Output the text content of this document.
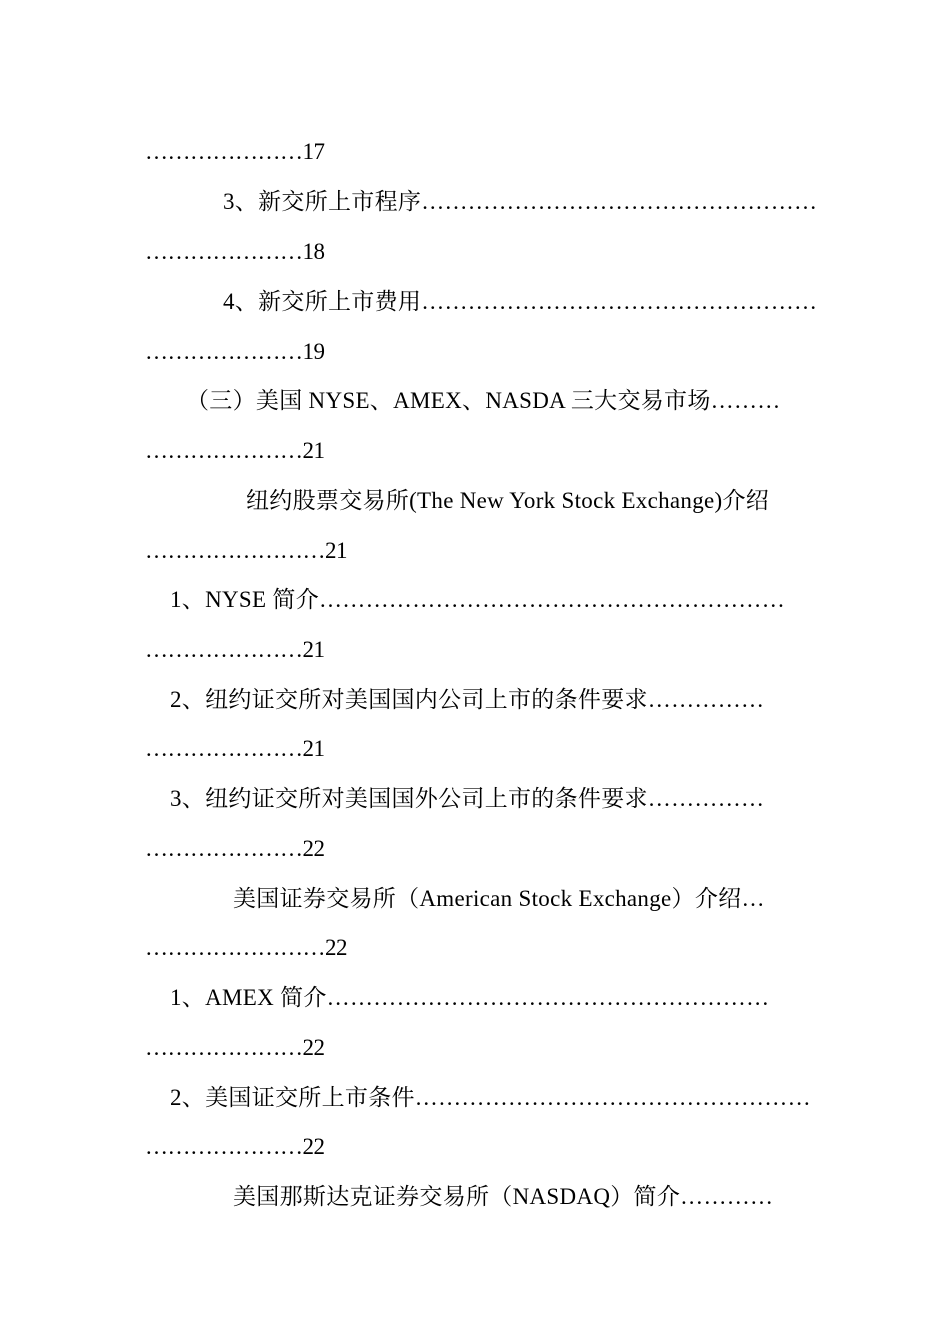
…………………17
3、新交所上市程序……………………………………………
…………………18
4、新交所上市费用……………………………………………
…………………19
（三）美国 NYSE、AMEX、NASDA 三大交易市场………
…………………21
纽约股票交易所(The New York Stock Exchange)介绍
……………………21
1、NYSE 简介……………………………………………………
…………………21
2、纽约证交所对美国国内公司上市的条件要求……………
…………………21
3、纽约证交所对美国国外公司上市的条件要求……………
…………………22
美国证券交易所（American Stock Exchange）介绍…
……………………22
1、AMEX 简介…………………………………………………
…………………22
2、美国证交所上市条件……………………………………………
…………………22
美国那斯达克证券交易所（NASDAQ）简介…………
